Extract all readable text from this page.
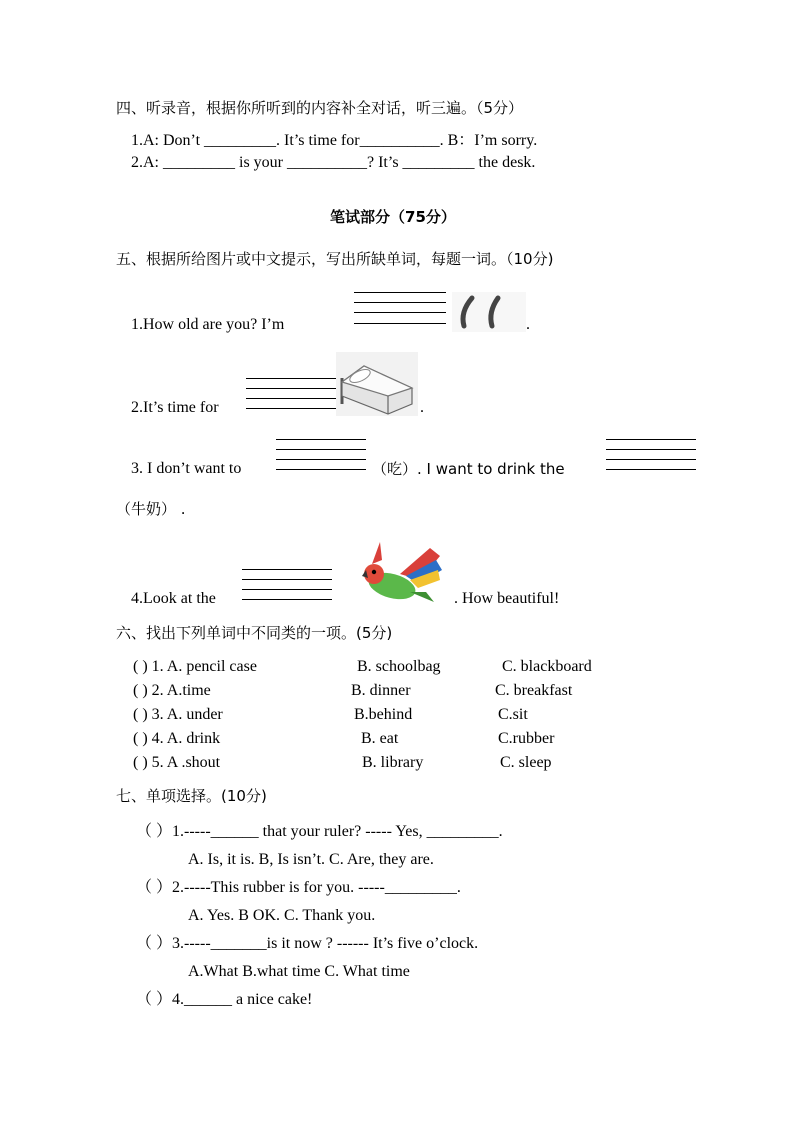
四、听录音，根据你所听到的内容补全对话，听三遍。（5分）
1.A: Don’t _________. It’s time for__________. B：I’m sorry.
2.A: _________ is your __________? It’s _________ the desk.
笔试部分（75分）
五、根据所给图片或中文提示，写出所缺单词，每题一词。（10分)
1.How old are you? I’m	.
2.It’s time for	.
3. I don’t want to	（吃）. I want to drink the
（牛奶） .
4.Look at the	. How beautiful!
六、找出下列单词中不同类的一项。(5分)
( ) 1. A. pencil case	B. schoolbag	C. blackboard
( ) 2. A.time	B. dinner	C. breakfast
( ) 3. A. under	B.behind	C.sit
( ) 4. A. drink	B. eat	C.rubber
( ) 5. A .shout	B. library	C. sleep
七、单项选择。(10分)
（ ）1.-----______ that your ruler? ----- Yes, _________.
A. Is, it is. B, Is isn’t. C. Are, they are.
（ ）2.-----This rubber is for you. -----_________.
A. Yes. B OK. C. Thank you.
（ ）3.-----_______is it now ? ------ It’s five o’clock.
A.What B.what time C. What time
（ ）4.______ a nice cake!
